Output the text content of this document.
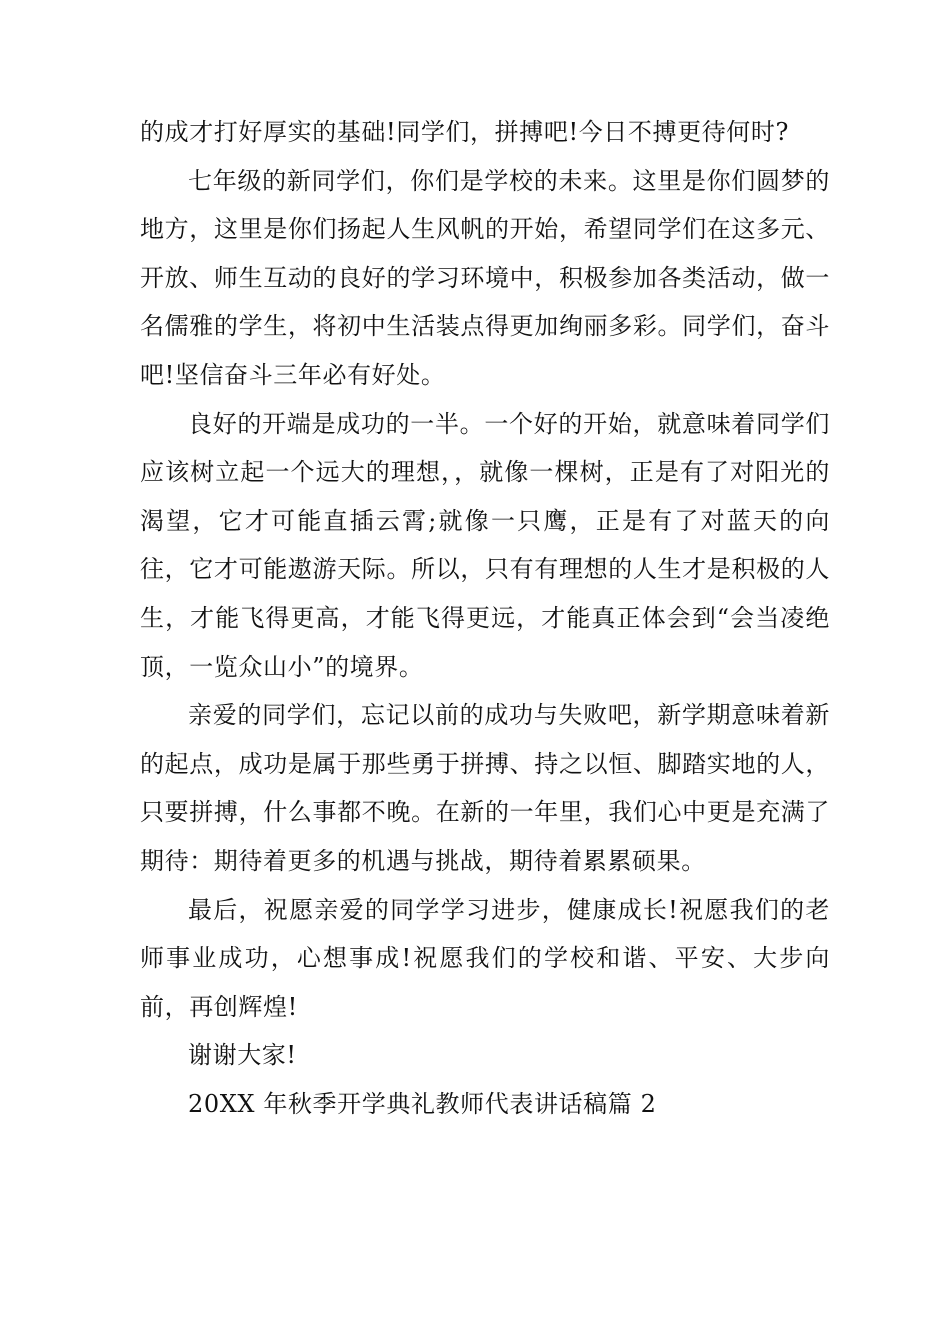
的成才打好厚实的基础!同学们，拼搏吧!今日不搏更待何时?

七年级的新同学们，你们是学校的未来。这里是你们圆梦的地方，这里是你们扬起人生风帆的开始，希望同学们在这多元、开放、师生互动的良好的学习环境中，积极参加各类活动，做一名儒雅的学生，将初中生活装点得更加绚丽多彩。同学们，奋斗吧!坚信奋斗三年必有好处。

良好的开端是成功的一半。一个好的开始，就意味着同学们应该树立起一个远大的理想，，就像一棵树，正是有了对阳光的渴望，它才可能直插云霄;就像一只鹰，正是有了对蓝天的向往，它才可能遨游天际。所以，只有有理想的人生才是积极的人生，才能飞得更高，才能飞得更远，才能真正体会到“会当凌绝顶，一览众山小”的境界。

亲爱的同学们，忘记以前的成功与失败吧，新学期意味着新的起点，成功是属于那些勇于拼搏、持之以恒、脚踏实地的人，只要拼搏，什么事都不晚。在新的一年里，我们心中更是充满了期待：期待着更多的机遇与挑战，期待着累累硕果。

最后，祝愿亲爱的同学学习进步，健康成长!祝愿我们的老师事业成功，心想事成!祝愿我们的学校和谐、平安、大步向前，再创辉煌!

谢谢大家!

20XX 年秋季开学典礼教师代表讲话稿篇 2
